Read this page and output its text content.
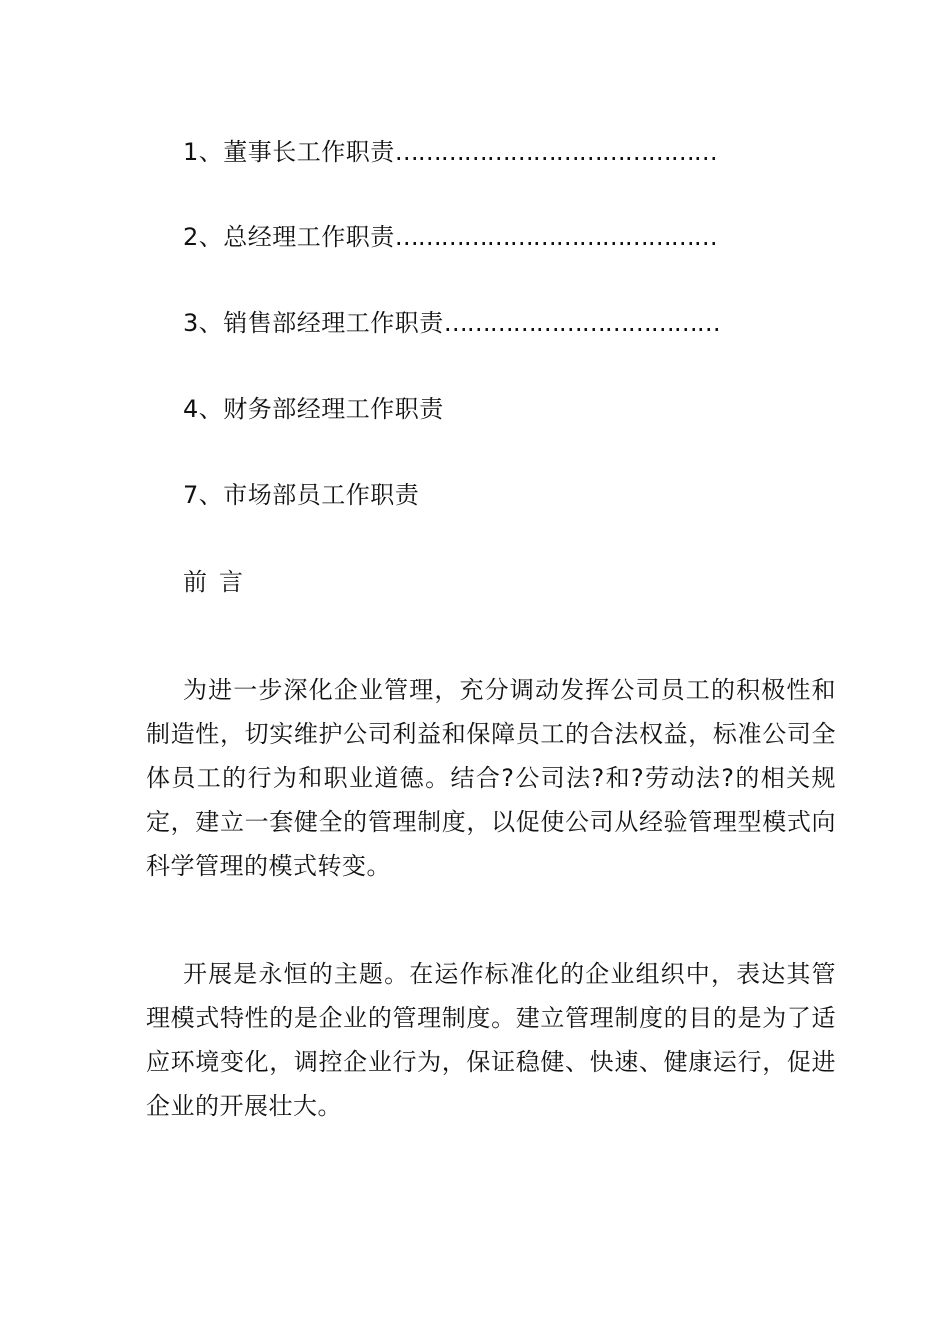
1、董事长工作职责……………………………………
2、总经理工作职责……………………………………
3、销售部经理工作职责………………………………
4、财务部经理工作职责
7、市场部员工作职责
前言

为进一步深化企业管理，充分调动发挥公司员工的积极性和制造性，切实维护公司利益和保障员工的合法权益，标准公司全体员工的行为和职业道德。结合?公司法?和?劳动法?的相关规定，建立一套健全的管理制度，以促使公司从经验管理型模式向科学管理的模式转变。

开展是永恒的主题。在运作标准化的企业组织中，表达其管理模式特性的是企业的管理制度。建立管理制度的目的是为了适应环境变化，调控企业行为，保证稳健、快速、健康运行，促进企业的开展壮大。
